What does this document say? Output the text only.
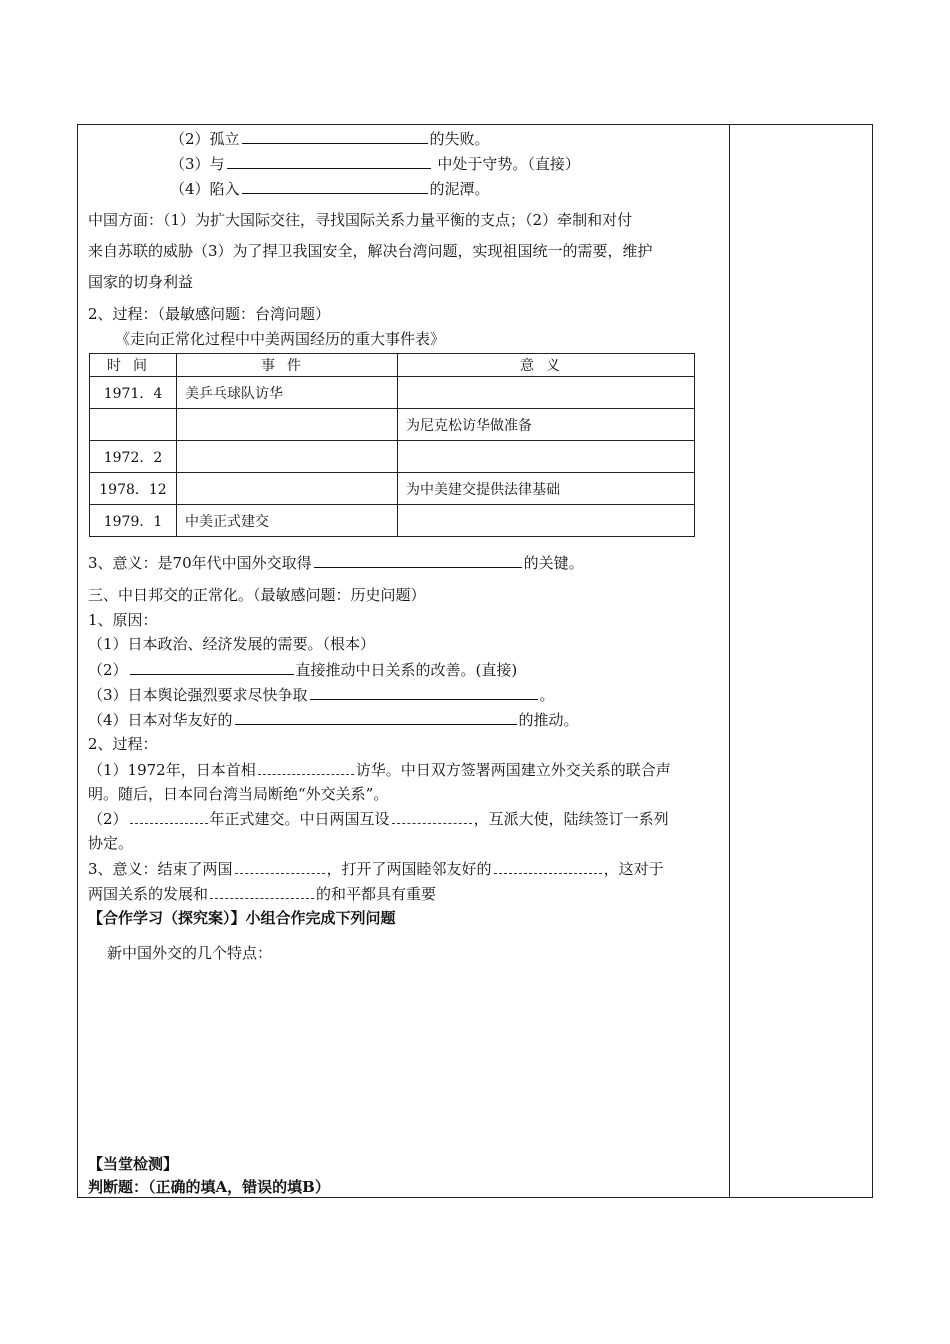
（2）孤立	的失败。
（3）与	中处于守势。（直接）
（4）陷入	的泥潭。
中国方面：（1）为扩大国际交往，寻找国际关系力量平衡的支点；（2）牵制和对付
来自苏联的威胁（3）为了捍卫我国安全，解决台湾问题，实现祖国统一的需要，维护
国家的切身利益
2、过程：（最敏感问题：台湾问题）
《走向正常化过程中中美两国经历的重大事件表》
时间	事件	意义
1971．4	美乒乓球队访华	
		为尼克松访华做准备
1972．2		
1978．12		为中美建交提供法律基础
1979．1	中美正式建交	
3、意义：是70年代中国外交取得	的关键。
三、中日邦交的正常化。（最敏感问题：历史问题）
1、原因：
（1）日本政治、经济发展的需要。（根本）
（2）	直接推动中日关系的改善。(直接)
（3）日本舆论强烈要求尽快争取	。
（4）日本对华友好的	的推动。
2、过程：
（1）1972年，日本首相	访华。中日双方签署两国建立外交关系的联合声
明。随后，日本同台湾当局断绝“外交关系”。
（2）	年正式建交。中日两国互设	，互派大使，陆续签订一系列
协定。
3、意义：结束了两国	，打开了两国睦邻友好的	，这对于
两国关系的发展和	的和平都具有重要
【合作学习（探究案）】小组合作完成下列问题
新中国外交的几个特点：
【当堂检测】
判断题：（正确的填A，错误的填B）
